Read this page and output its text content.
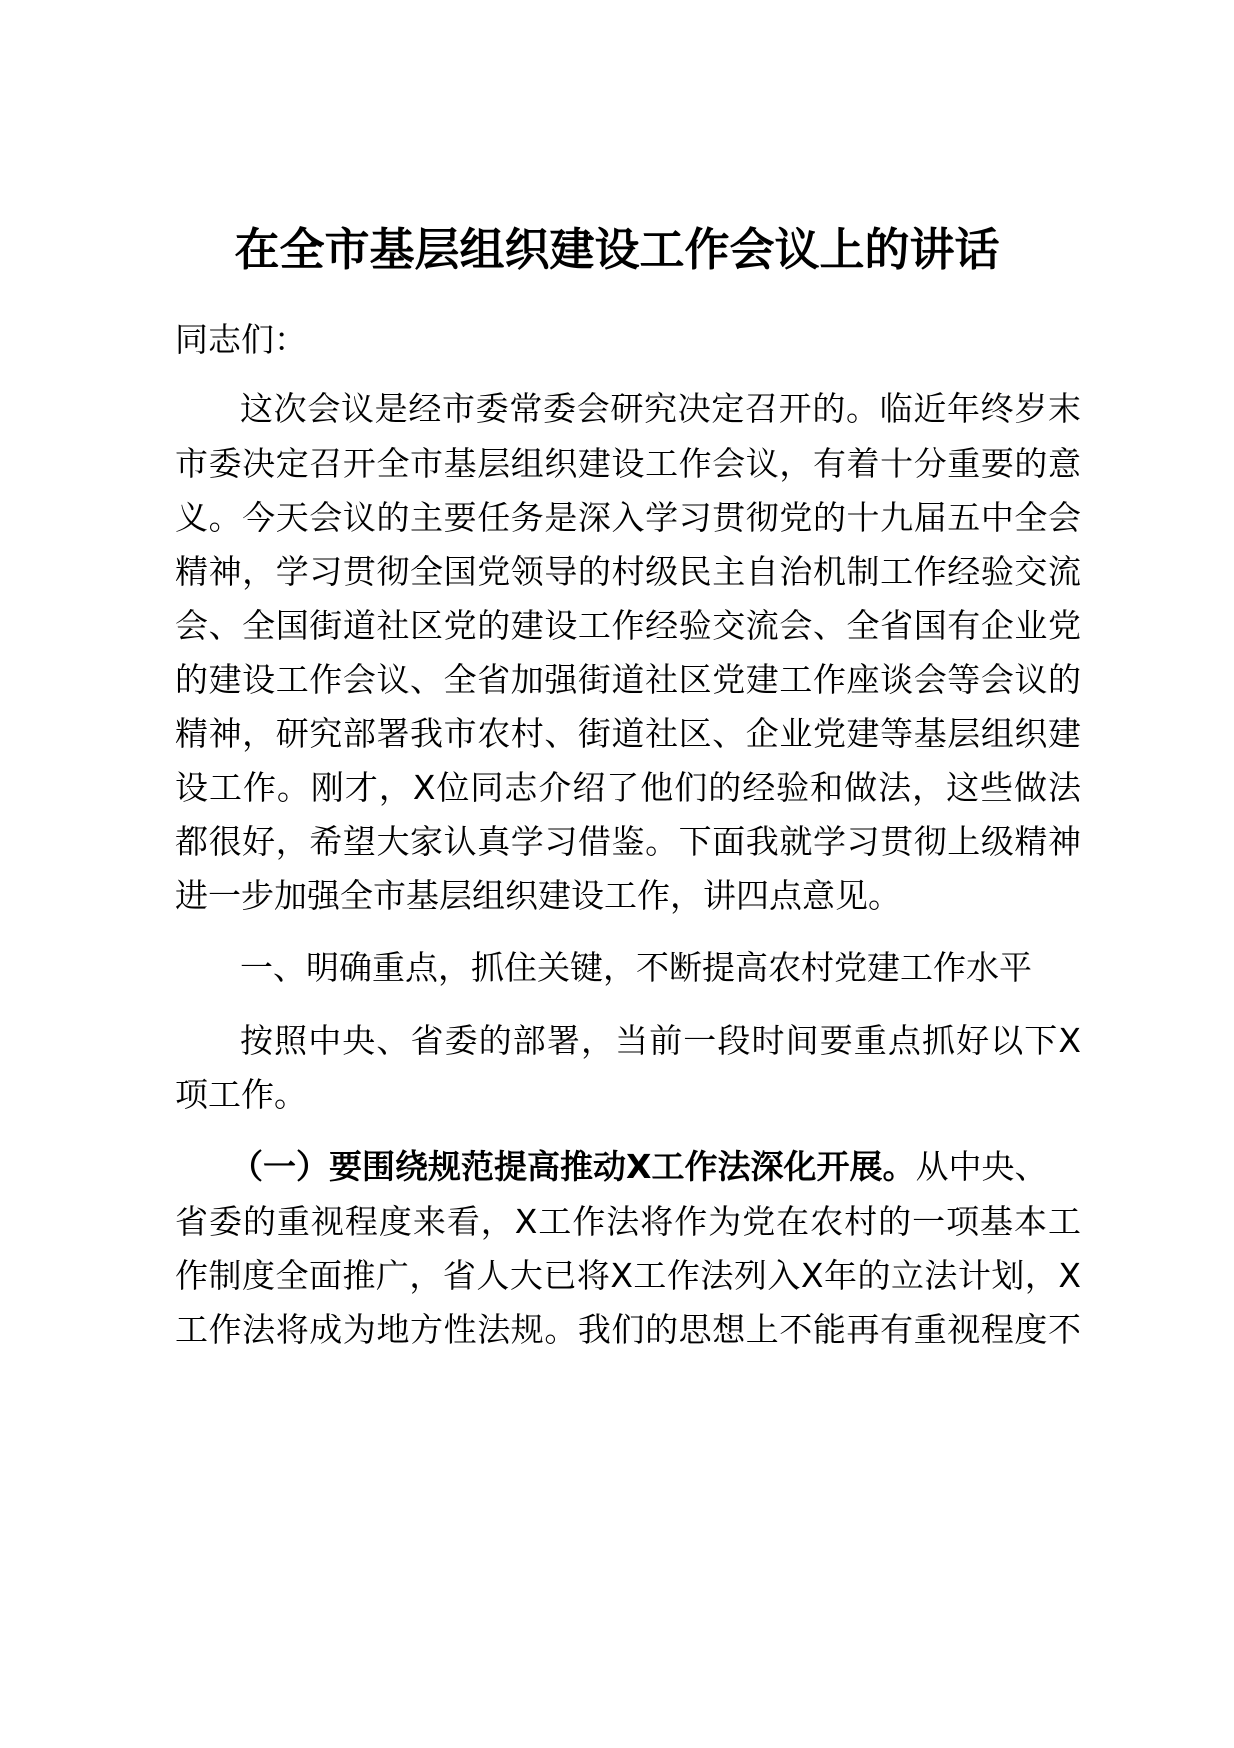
在全市基层组织建设工作会议上的讲话
同志们：
这次会议是经市委常委会研究决定召开的。临近年终岁末
市委决定召开全市基层组织建设工作会议，有着十分重要的意
义。今天会议的主要任务是深入学习贯彻党的十九届五中全会
精神，学习贯彻全国党领导的村级民主自治机制工作经验交流
会、全国街道社区党的建设工作经验交流会、全省国有企业党
的建设工作会议、全省加强街道社区党建工作座谈会等会议的
精神，研究部署我市农村、街道社区、企业党建等基层组织建
设工作。刚才，X位同志介绍了他们的经验和做法，这些做法
都很好，希望大家认真学习借鉴。下面我就学习贯彻上级精神
进一步加强全市基层组织建设工作，讲四点意见。
一、明确重点，抓住关键，不断提高农村党建工作水平
按照中央、省委的部署，当前一段时间要重点抓好以下X
项工作。
（一）要围绕规范提高推动X工作法深化开展。从中央、
省委的重视程度来看，X工作法将作为党在农村的一项基本工
作制度全面推广，省人大已将X工作法列入X年的立法计划，X
工作法将成为地方性法规。我们的思想上不能再有重视程度不
